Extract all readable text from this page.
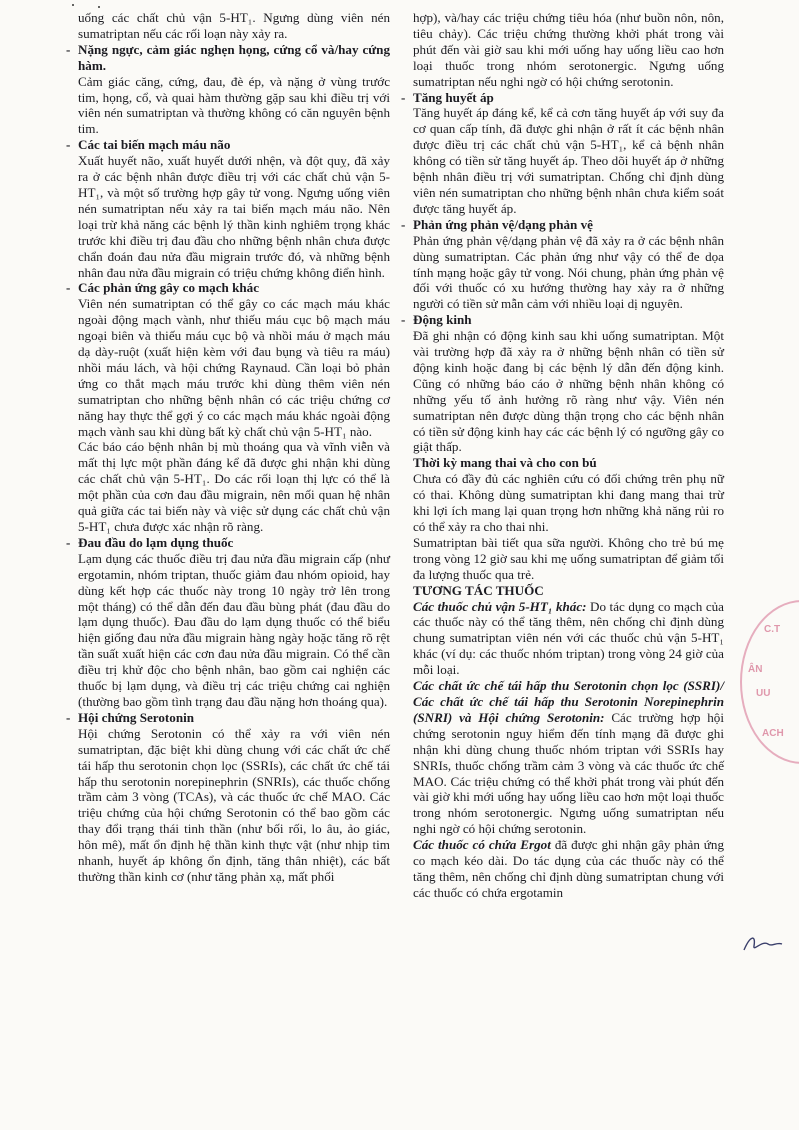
uống các chất chủ vận 5-HT₁. Ngưng dùng viên nén sumatriptan nếu các rối loạn này xảy ra.

- Nặng ngực, cảm giác nghẹn họng, cứng cổ và/hay cứng hàm.

Cảm giác căng, cứng, đau, đè ép, và nặng ở vùng trước tim, họng, cổ, và quai hàm thường gặp sau khi điều trị với viên nén sumatriptan và thường không có căn nguyên bệnh tim.

- Các tai biến mạch máu não

Xuất huyết não, xuất huyết dưới nhện, và đột quỵ, đã xảy ra ở các bệnh nhân được điều trị với các chất chủ vận 5-HT₁, và một số trường hợp gây tử vong. Ngưng uống viên nén sumatriptan nếu xảy ra tai biến mạch máu não. Nên loại trừ khả năng các bệnh lý thần kinh nghiêm trọng khác trước khi điều trị đau đầu cho những bệnh nhân chưa được chẩn đoán đau nửa đầu migrain trước đó, và những bệnh nhân đau nửa đầu migrain có triệu chứng không điển hình.

- Các phản ứng gây co mạch khác

Viên nén sumatriptan có thể gây co các mạch máu khác ngoài động mạch vành, như thiếu máu cục bộ mạch máu ngoại biên và thiếu máu cục bộ và nhồi máu ở mạch máu dạ dày-ruột (xuất hiện kèm với đau bụng và tiêu ra máu) nhồi máu lách, và hội chứng Raynaud. Cần loại bỏ phản ứng co thắt mạch máu trước khi dùng thêm viên nén sumatriptan cho những bệnh nhân có các triệu chứng cơ năng hay thực thể gợi ý co các mạch máu khác ngoài động mạch vành sau khi dùng bất kỳ chất chủ vận 5-HT₁ nào.

Các báo cáo bệnh nhân bị mù thoáng qua và vĩnh viễn và mất thị lực một phần đáng kể đã được ghi nhận khi dùng các chất chủ vận 5-HT₁. Do các rối loạn thị lực có thể là một phần của cơn đau đầu migrain, nên mối quan hệ nhân quả giữa các tai biến này và việc sử dụng các chất chủ vận 5-HT₁ chưa được xác nhận rõ ràng.

- Đau đầu do lạm dụng thuốc

Lạm dụng các thuốc điều trị đau nửa đầu migrain cấp (như ergotamin, nhóm triptan, thuốc giảm đau nhóm opioid, hay dùng kết hợp các thuốc này trong 10 ngày trở lên trong một tháng) có thể dẫn đến đau đầu bùng phát (đau đầu do lạm dụng thuốc). Đau đầu do lạm dụng thuốc có thể biểu hiện giống đau nửa đầu migrain hàng ngày hoặc tăng rõ rệt tần suất xuất hiện các cơn đau nửa đầu migrain. Có thể cần điều trị khử độc cho bệnh nhân, bao gồm cai nghiện các thuốc bị lạm dụng, và điều trị các triệu chứng cai nghiện (thường bao gồm tình trạng đau đầu nặng hơn thoáng qua).

- Hội chứng Serotonin

Hội chứng Serotonin có thể xảy ra với viên nén sumatriptan, đặc biệt khi dùng chung với các chất ức chế tái hấp thu serotonin chọn lọc (SSRIs), các chất ức chế tái hấp thu serotonin norepinephrin (SNRIs), các thuốc chống trầm cảm 3 vòng (TCAs), và các thuốc ức chế MAO. Các triệu chứng của hội chứng Serotonin có thể bao gồm các thay đổi trạng thái tinh thần (như bối rối, lo âu, ảo giác, hôn mê), mất ổn định hệ thần kinh thực vật (như nhịp tim nhanh, huyết áp không ổn định, tăng thân nhiệt), các bất thường thần kinh cơ (như tăng phản xạ, mất phối

hợp), và/hay các triệu chứng tiêu hóa (như buồn nôn, nôn, tiêu chảy). Các triệu chứng thường khởi phát trong vài phút đến vài giờ sau khi mới uống hay uống liều cao hơn loại thuốc trong nhóm serotonergic. Ngưng uống sumatriptan nếu nghi ngờ có hội chứng serotonin.

- Tăng huyết áp

Tăng huyết áp đáng kể, kể cả cơn tăng huyết áp với suy đa cơ quan cấp tính, đã được ghi nhận ở rất ít các bệnh nhân được điều trị các chất chủ vận 5-HT₁, kể cả bệnh nhân không có tiền sử tăng huyết áp. Theo dõi huyết áp ở những bệnh nhân điều trị với sumatriptan. Chống chỉ định dùng viên nén sumatriptan cho những bệnh nhân chưa kiểm soát được tăng huyết áp.

- Phản ứng phản vệ/dạng phản vệ

Phản ứng phản vệ/dạng phản vệ đã xảy ra ở các bệnh nhân dùng sumatriptan. Các phản ứng như vậy có thể đe dọa tính mạng hoặc gây tử vong. Nói chung, phản ứng phản vệ đối với thuốc có xu hướng thường hay xảy ra ở những người có tiền sử mẫn cảm với nhiều loại dị nguyên.

- Động kinh

Đã ghi nhận có động kinh sau khi uống sumatriptan. Một vài trường hợp đã xảy ra ở những bệnh nhân có tiền sử động kinh hoặc đang bị các bệnh lý dẫn đến động kinh. Cũng có những báo cáo ở những bệnh nhân không có những yếu tố ảnh hưởng rõ ràng như vậy. Viên nén sumatriptan nên được dùng thận trọng cho các bệnh nhân có tiền sử động kinh hay các các bệnh lý có ngưỡng gây co giật thấp.

Thời kỳ mang thai và cho con bú

Chưa có đầy đủ các nghiên cứu có đối chứng trên phụ nữ có thai. Không dùng sumatriptan khi đang mang thai trừ khi lợi ích mang lại quan trọng hơn những khả năng rủi ro có thể xảy ra cho thai nhi.

Sumatriptan bài tiết qua sữa người. Không cho trẻ bú mẹ trong vòng 12 giờ sau khi mẹ uống sumatriptan để giảm tối đa lượng thuốc qua trẻ.

TƯƠNG TÁC THUỐC

Các thuốc chủ vận 5-HT₁ khác: Do tác dụng co mạch của các thuốc này có thể tăng thêm, nên chống chỉ định dùng chung sumatriptan viên nén với các thuốc chủ vận 5-HT₁ khác (ví dụ: các thuốc nhóm triptan) trong vòng 24 giờ của mỗi loại.

Các chất ức chế tái hấp thu Serotonin chọn lọc (SSRI)/ Các chất ức chế tái hấp thu Serotonin Norepinephrin (SNRI) và Hội chứng Serotonin: Các trường hợp hội chứng serotonin nguy hiểm đến tính mạng đã được ghi nhận khi dùng chung thuốc nhóm triptan với SSRIs hay SNRIs, thuốc chống trầm cảm 3 vòng và các thuốc ức chế MAO. Các triệu chứng có thể khởi phát trong vài phút đến vài giờ khi mới uống hay uống liều cao hơn một loại thuốc trong nhóm serotonergic. Ngưng uống sumatriptan nếu nghi ngờ có hội chứng serotonin.

Các thuốc có chứa Ergot đã được ghi nhận gây phản ứng co mạch kéo dài. Do tác dụng của các thuốc này có thể tăng thêm, nên chống chỉ định dùng sumatriptan chung với các thuốc có chứa ergotamin

C.T
ÂN
UU
ACH
